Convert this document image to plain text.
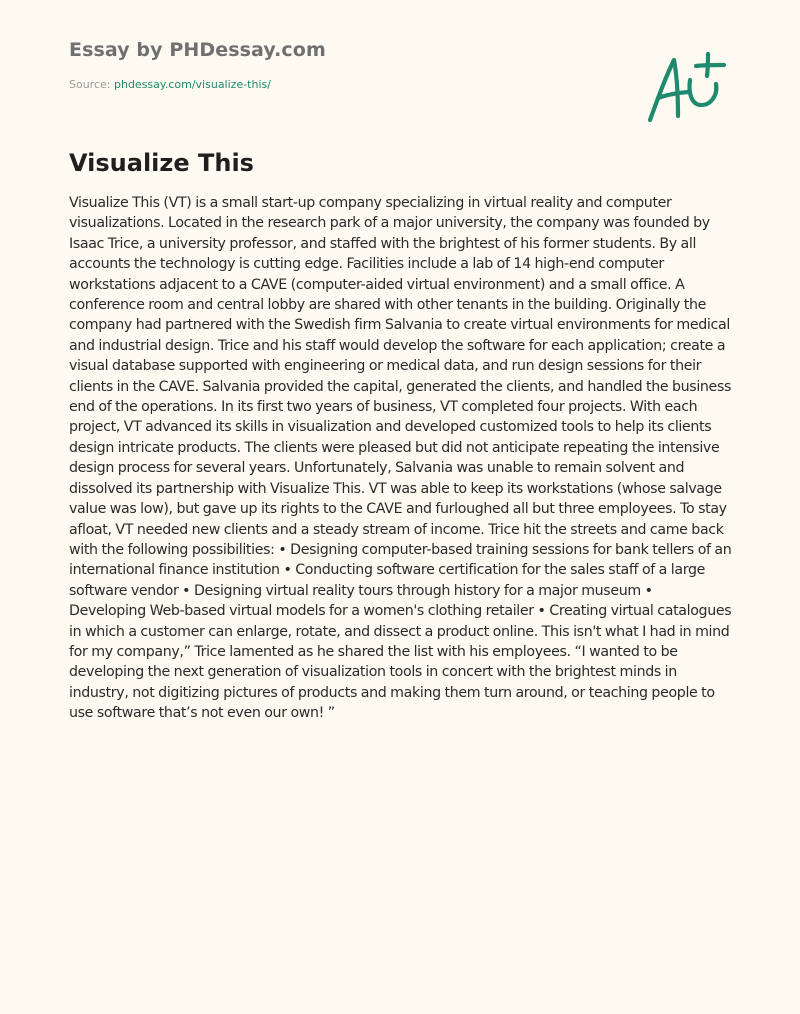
Essay by PHDessay.com
Source: phdessay.com/visualize-this/
Visualize This

Visualize This (VT) is a small start-up company specializing in virtual reality and computer visualizations. Located in the research park of a major university, the company was founded by Isaac Trice, a university professor, and staffed with the brightest of his former students. By all accounts the technology is cutting edge. Facilities include a lab of 14 high-end computer workstations adjacent to a CAVE (computer-aided virtual environment) and a small office. A conference room and central lobby are shared with other tenants in the building. Originally the company had partnered with the Swedish firm Salvania to create virtual environments for medical and industrial design. Trice and his staff would develop the software for each application; create a visual database supported with engineering or medical data, and run design sessions for their clients in the CAVE. Salvania provided the capital, generated the clients, and handled the business end of the operations. In its first two years of business, VT completed four projects. With each project, VT advanced its skills in visualization and developed customized tools to help its clients design intricate products. The clients were pleased but did not anticipate repeating the intensive design process for several years. Unfortunately, Salvania was unable to remain solvent and dissolved its partnership with Visualize This. VT was able to keep its workstations (whose salvage value was low), but gave up its rights to the CAVE and furloughed all but three employees. To stay afloat, VT needed new clients and a steady stream of income. Trice hit the streets and came back with the following possibilities: • Designing computer-based training sessions for bank tellers of an international finance institution • Conducting software certification for the sales staff of a large software vendor • Designing virtual reality tours through history for a major museum • Developing Web-based virtual models for a women's clothing retailer • Creating virtual catalogues in which a customer can enlarge, rotate, and dissect a product online. This isn't what I had in mind for my company,” Trice lamented as he shared the list with his employees. “I wanted to be developing the next generation of visualization tools in concert with the brightest minds in industry, not digitizing pictures of products and making them turn around, or teaching people to use software that’s not even our own! ”
